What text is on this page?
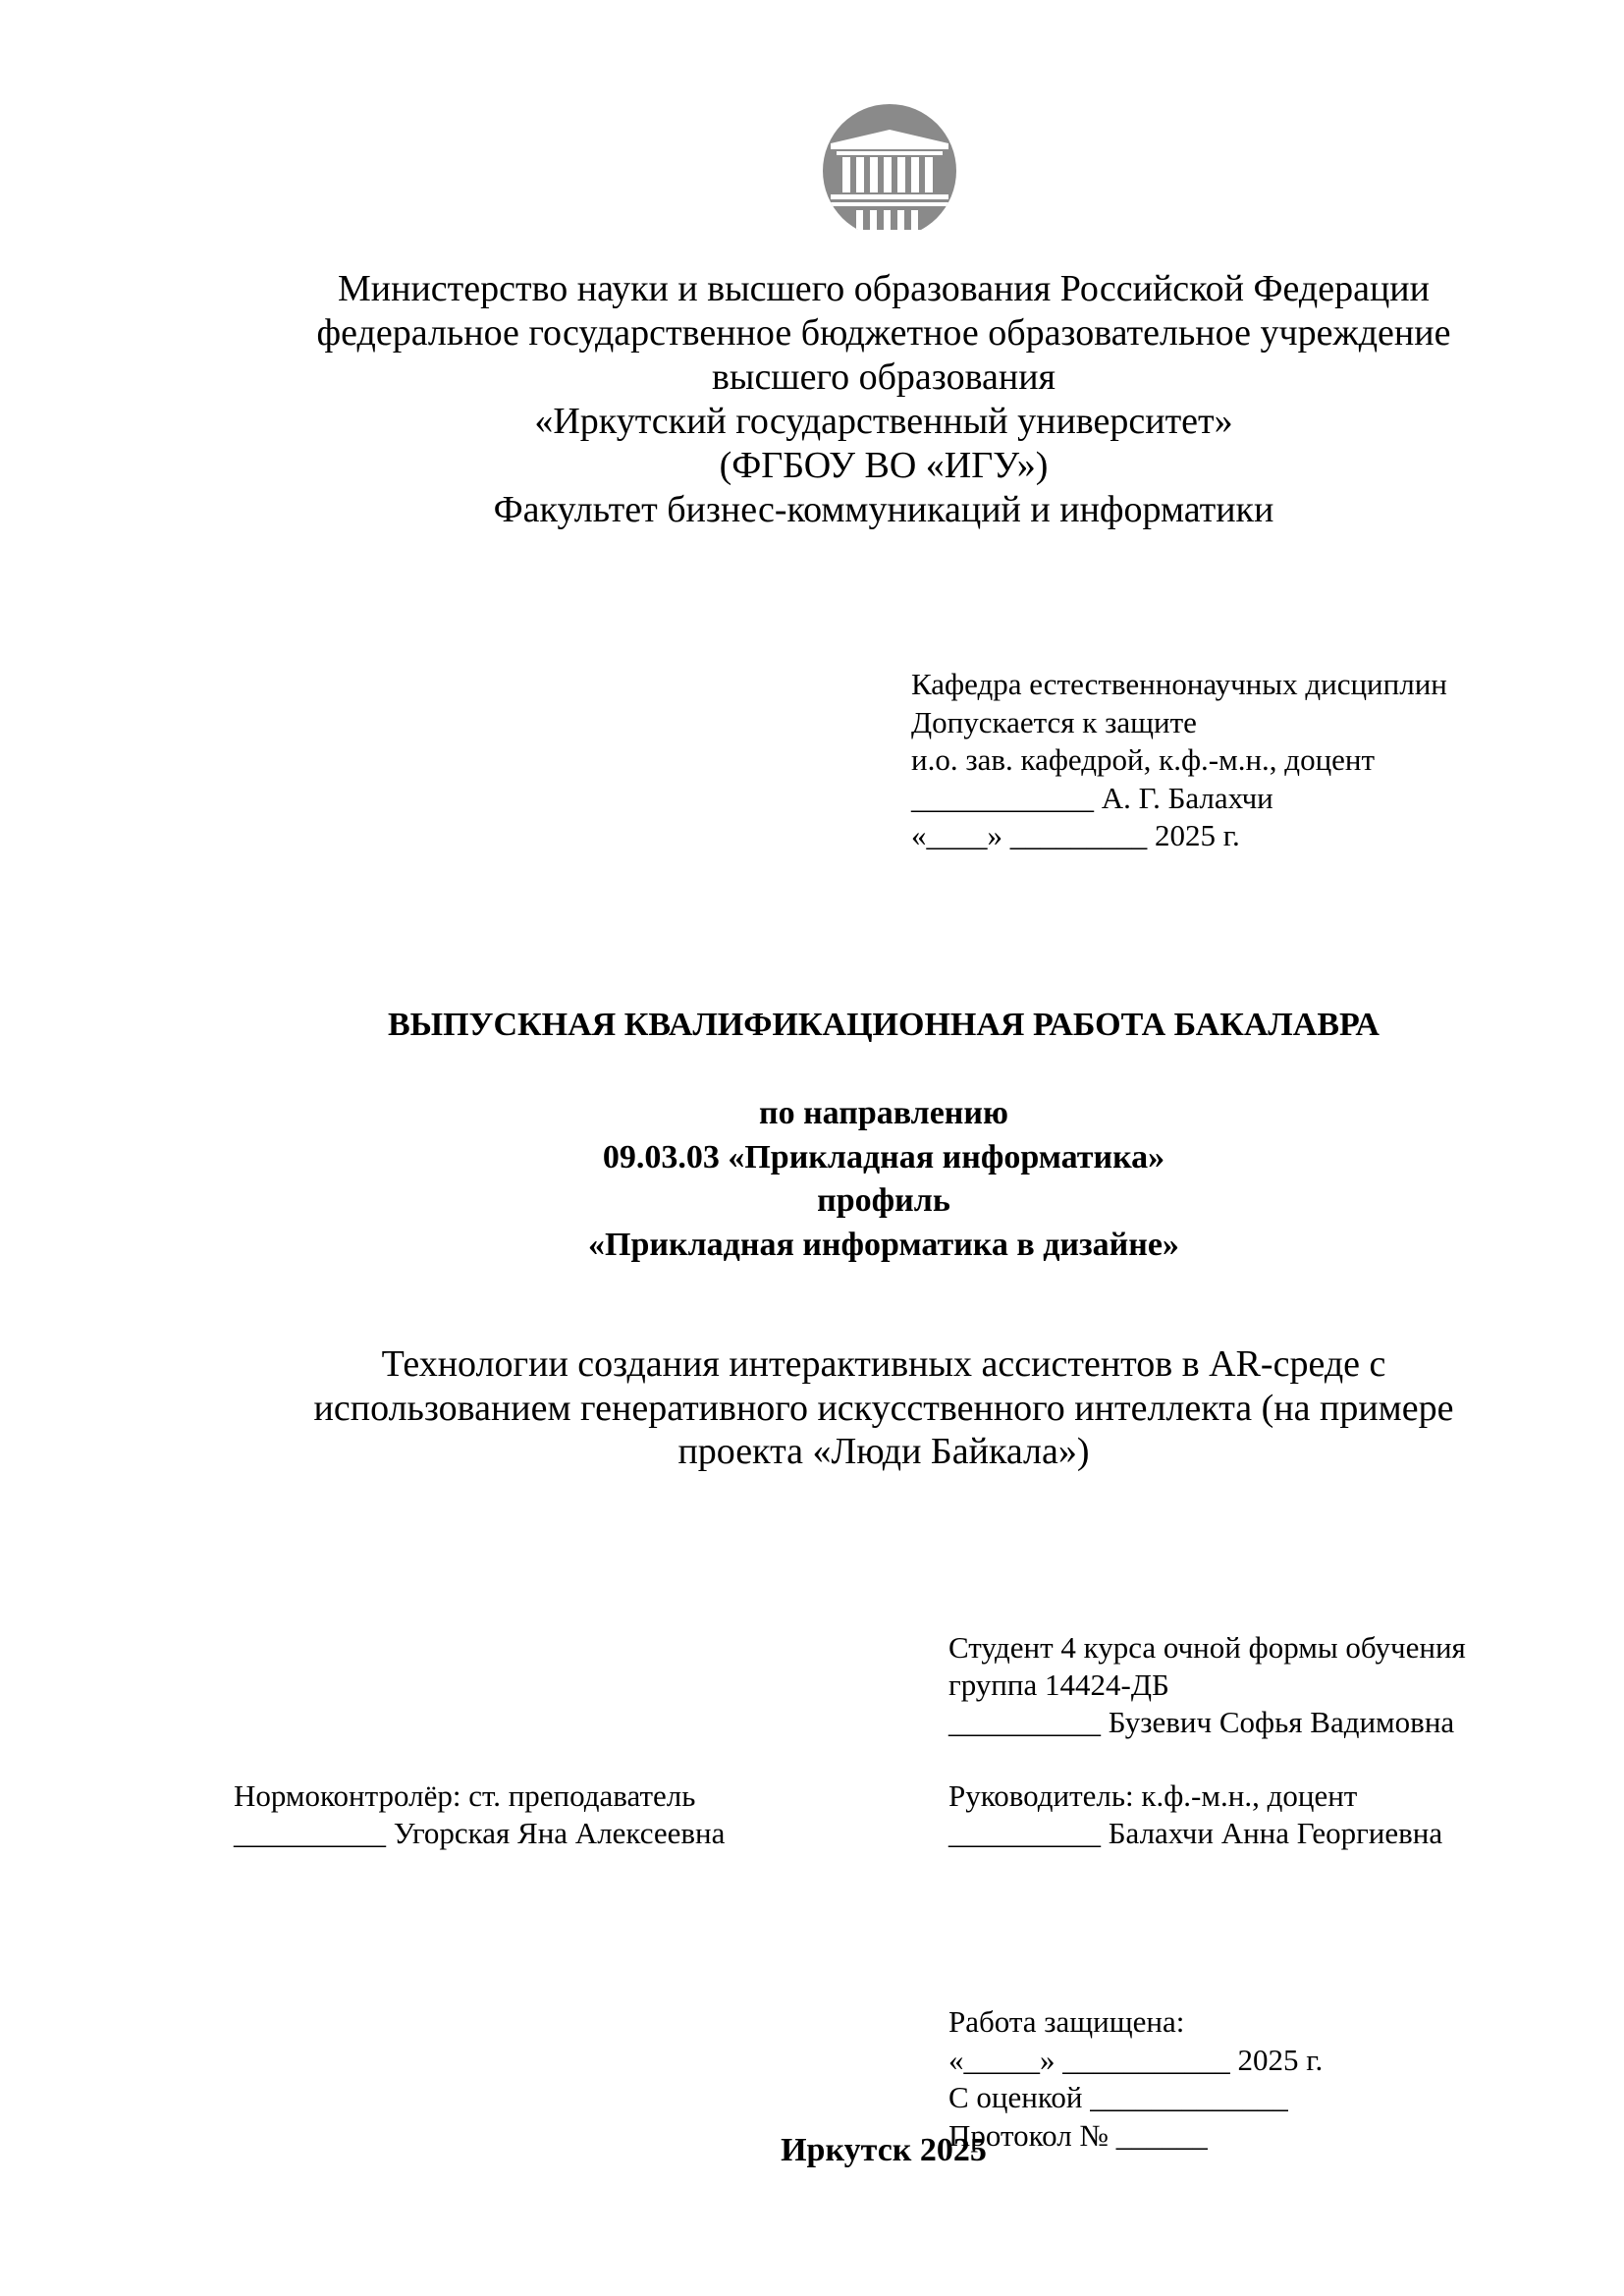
Министерство науки и высшего образования Российской Федерации
федеральное государственное бюджетное образовательное учреждение
высшего образования
«Иркутский государственный университет»
(ФГБОУ ВО «ИГУ»)
Факультет бизнес-коммуникаций и информатики
Кафедра естественнонаучных дисциплин
Допускается к защите
и.о. зав. кафедрой, к.ф.-м.н., доцент
____________ А. Г. Балахчи
«____» _________ 2025 г.
ВЫПУСКНАЯ КВАЛИФИКАЦИОННАЯ РАБОТА БАКАЛАВРА
по направлению
09.03.03 «Прикладная информатика»
профиль
«Прикладная информатика в дизайне»
Технологии создания интерактивных ассистентов в AR-среде с
использованием генеративного искусственного интеллекта (на примере
проекта «Люди Байкала»)
Студент 4 курса очной формы обучения
группа 14424-ДБ
__________ Бузевич Софья Вадимовна
Нормоконтролёр: ст. преподаватель
__________ Угорская Яна Алексеевна
Руководитель: к.ф.-м.н., доцент
__________ Балахчи Анна Георгиевна
Работа защищена:
«_____» ___________ 2025 г.
С оценкой _____________
Протокол № ______
Иркутск 2025
